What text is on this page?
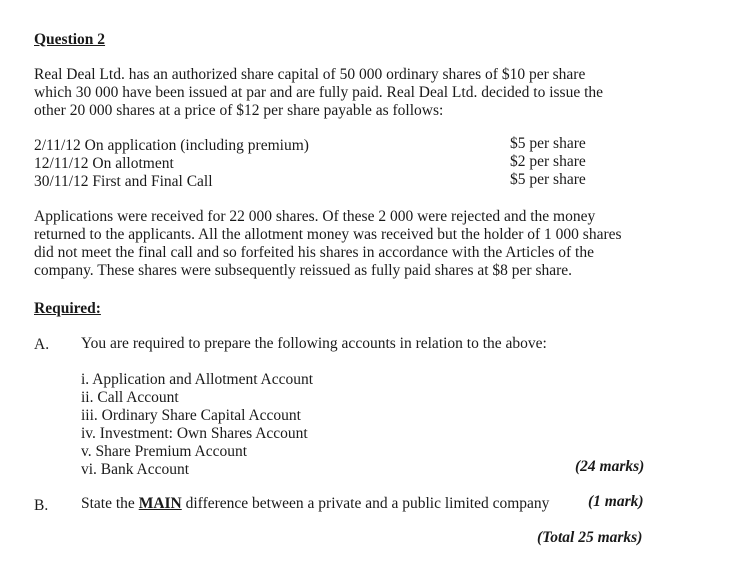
Question 2
Real Deal Ltd. has an authorized share capital of 50 000 ordinary shares of $10 per share
which 30 000 have been issued at par and are fully paid. Real Deal Ltd. decided to issue the
other 20 000 shares at a price of $12 per share payable as follows:
2/11/12 On application (including premium)	$5 per share
12/11/12 On allotment	$2 per share
30/11/12 First and Final Call	$5 per share
Applications were received for 22 000 shares. Of these 2 000 were rejected and the money
returned to the applicants. All the allotment money was received but the holder of 1 000 shares
did not meet the final call and so forfeited his shares in accordance with the Articles of the
company. These shares were subsequently reissued as fully paid shares at $8 per share.
Required:
A. You are required to prepare the following accounts in relation to the above:
i. Application and Allotment Account
ii. Call Account
iii. Ordinary Share Capital Account
iv. Investment: Own Shares Account
v. Share Premium Account
vi. Bank Account	(24 marks)
B. State the MAIN difference between a private and a public limited company (1 mark)
(Total 25 marks)
